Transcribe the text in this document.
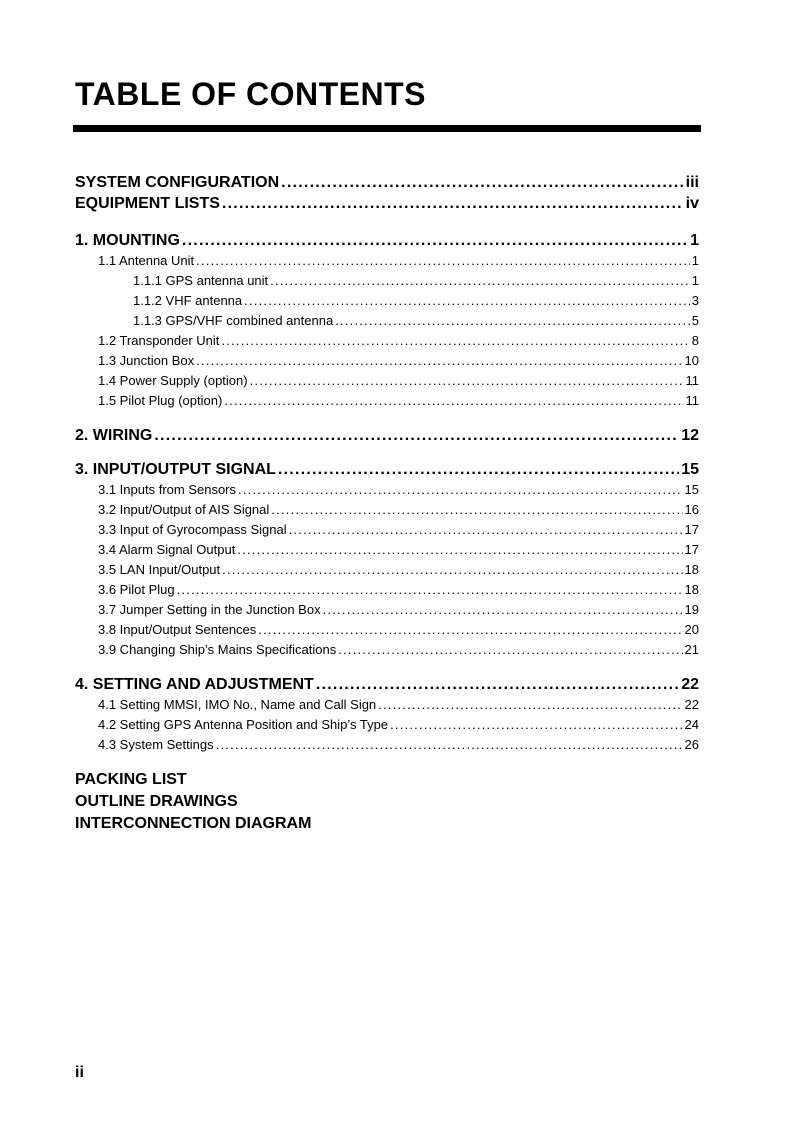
TABLE OF CONTENTS
SYSTEM CONFIGURATION . . .	iii
EQUIPMENT LISTS . . .	iv
1. MOUNTING . . .	1
1.1 Antenna Unit . . .	1
1.1.1 GPS antenna unit . . .	1
1.1.2 VHF antenna . . .	3
1.1.3 GPS/VHF combined antenna . . .	5
1.2 Transponder Unit . . .	8
1.3 Junction Box . . .	10
1.4 Power Supply (option) . . .	11
1.5 Pilot Plug (option) . . .	11
2. WIRING . . .	12
3. INPUT/OUTPUT SIGNAL . . .	15
3.1 Inputs from Sensors . . .	15
3.2 Input/Output of AIS Signal . . .	16
3.3 Input of Gyrocompass Signal . . .	17
3.4 Alarm Signal Output . . .	17
3.5 LAN Input/Output . . .	18
3.6 Pilot Plug . . .	18
3.7 Jumper Setting in the Junction Box . . .	19
3.8 Input/Output Sentences . . .	20
3.9 Changing Ship’s Mains Specifications . . .	21
4. SETTING AND ADJUSTMENT . . .	22
4.1 Setting MMSI, IMO No., Name and Call Sign . . .	22
4.2 Setting GPS Antenna Position and Ship’s Type . . .	24
4.3 System Settings . . .	26
PACKING LIST
OUTLINE DRAWINGS
INTERCONNECTION DIAGRAM
ii
